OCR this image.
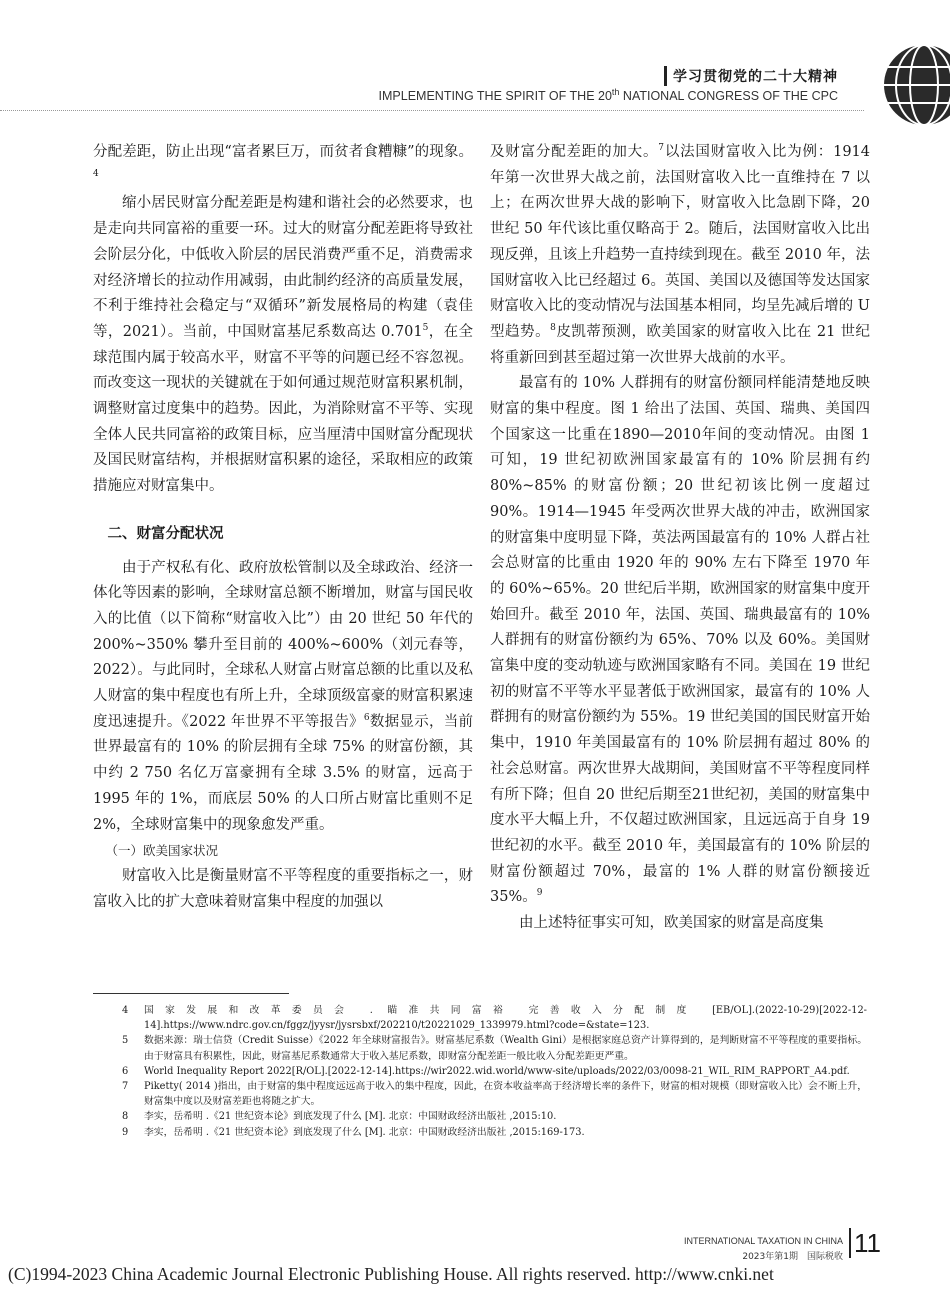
学习贯彻党的二十大精神
IMPLEMENTING THE SPIRIT OF THE 20th NATIONAL CONGRESS OF THE CPC

分配差距，防止出现“富者累巨万，而贫者食糟糠”的现象。$^4$

缩小居民财富分配差距是构建和谐社会的必然要求，也是走向共同富裕的重要一环。过大的财富分配差距将导致社会阶层分化，中低收入阶层的居民消费严重不足，消费需求对经济增长的拉动作用减弱，由此制约经济的高质量发展，不利于维持社会稳定与“双循环”新发展格局的构建（袁佳等，2021）。当前，中国财富基尼系数高达 0.701$^5$，在全球范围内属于较高水平，财富不平等的问题已经不容忽视。而改变这一现状的关键就在于如何通过规范财富积累机制，调整财富过度集中的趋势。因此，为消除财富不平等、实现全体人民共同富裕的政策目标，应当厘清中国财富分配现状及国民财富结构，并根据财富积累的途径，采取相应的政策措施应对财富集中。

二、财富分配状况

由于产权私有化、政府放松管制以及全球政治、经济一体化等因素的影响，全球财富总额不断增加，财富与国民收入的比值（以下简称“财富收入比”）由 20 世纪 50 年代的 200%~350% 攀升至目前的 400%~600%（刘元春等，2022）。与此同时，全球私人财富占财富总额的比重以及私人财富的集中程度也有所上升，全球顶级富豪的财富积累速度迅速提升。《2022 年世界不平等报告》$^6$数据显示，当前世界最富有的 10% 的阶层拥有全球 75% 的财富份额，其中约 2 750 名亿万富豪拥有全球 3.5% 的财富，远高于 1995 年的 1%，而底层 50% 的人口所占财富比重则不足 2%，全球财富集中的现象愈发严重。

（一）欧美国家状况

财富收入比是衡量财富不平等程度的重要指标之一，财富收入比的扩大意味着财富集中程度的加强以

及财富分配差距的加大。$^7$以法国财富收入比为例：1914 年第一次世界大战之前，法国财富收入比一直维持在 7 以上；在两次世界大战的影响下，财富收入比急剧下降，20 世纪 50 年代该比重仅略高于 2。随后，法国财富收入比出现反弹，且该上升趋势一直持续到现在。截至 2010 年，法国财富收入比已经超过 6。英国、美国以及德国等发达国家财富收入比的变动情况与法国基本相同，均呈先减后增的 U 型趋势。$^8$皮凯蒂预测，欧美国家的财富收入比在 21 世纪将重新回到甚至超过第一次世界大战前的水平。

最富有的 10% 人群拥有的财富份额同样能清楚地反映财富的集中程度。图 1 给出了法国、英国、瑞典、美国四个国家这一比重在1890—2010年间的变动情况。由图 1 可知，19 世纪初欧洲国家最富有的 10% 阶层拥有约 80%~85% 的财富份额；20 世纪初该比例一度超过 90%。1914—1945 年受两次世界大战的冲击，欧洲国家的财富集中度明显下降，英法两国最富有的 10% 人群占社会总财富的比重由 1920 年的 90% 左右下降至 1970 年的 60%~65%。20 世纪后半期，欧洲国家的财富集中度开始回升。截至 2010 年，法国、英国、瑞典最富有的 10% 人群拥有的财富份额约为 65%、70% 以及 60%。美国财富集中度的变动轨迹与欧洲国家略有不同。美国在 19 世纪初的财富不平等水平显著低于欧洲国家，最富有的 10% 人群拥有的财富份额约为 55%。19 世纪美国的国民财富开始集中，1910 年美国最富有的 10% 阶层拥有超过 80% 的社会总财富。两次世界大战期间，美国财富不平等程度同样有所下降；但自 20 世纪后期至21世纪初，美国的财富集中度水平大幅上升，不仅超过欧洲国家，且远远高于自身 19 世纪初的水平。截至 2010 年，美国最富有的 10% 阶层的财富份额超过 70%，最富的 1% 人群的财富份额接近 35%。$^9$

由上述特征事实可知，欧美国家的财富是高度集

4 国家发展和改革委员会 . 瞄准共同富裕 完善收入分配制度 [EB/OL].(2022-10-29)[2022-12-14].https://www.ndrc.gov.cn/fggz/jyysr/jysrsbxf/202210/t20221029_1339979.html?code=&state=123.
5 数据来源：瑞士信贷（Credit Suisse）《2022 年全球财富报告》。财富基尼系数（Wealth Gini）是根据家庭总资产计算得到的，是判断财富不平等程度的重要指标。由于财富具有积累性，因此，财富基尼系数通常大于收入基尼系数，即财富分配差距一般比收入分配差距更严重。
6 World Inequality Report 2022[R/OL].[2022-12-14].https://wir2022.wid.world/www-site/uploads/2022/03/0098-21_WIL_RIM_RAPPORT_A4.pdf.
7 Piketty( 2014 )指出，由于财富的集中程度远远高于收入的集中程度，因此，在资本收益率高于经济增长率的条件下，财富的相对规模（即财富收入比）会不断上升，财富集中度以及财富差距也将随之扩大。
8 李实，岳希明 .《21 世纪资本论》到底发现了什么 [M]. 北京：中国财政经济出版社 ,2015:10.
9 李实，岳希明 .《21 世纪资本论》到底发现了什么 [M]. 北京：中国财政经济出版社 ,2015:169-173.
INTERNATIONAL TAXATION IN CHINA
2023年第1期　国际税收 11
(C)1994-2023 China Academic Journal Electronic Publishing House. All rights reserved. http://www.cnki.net
